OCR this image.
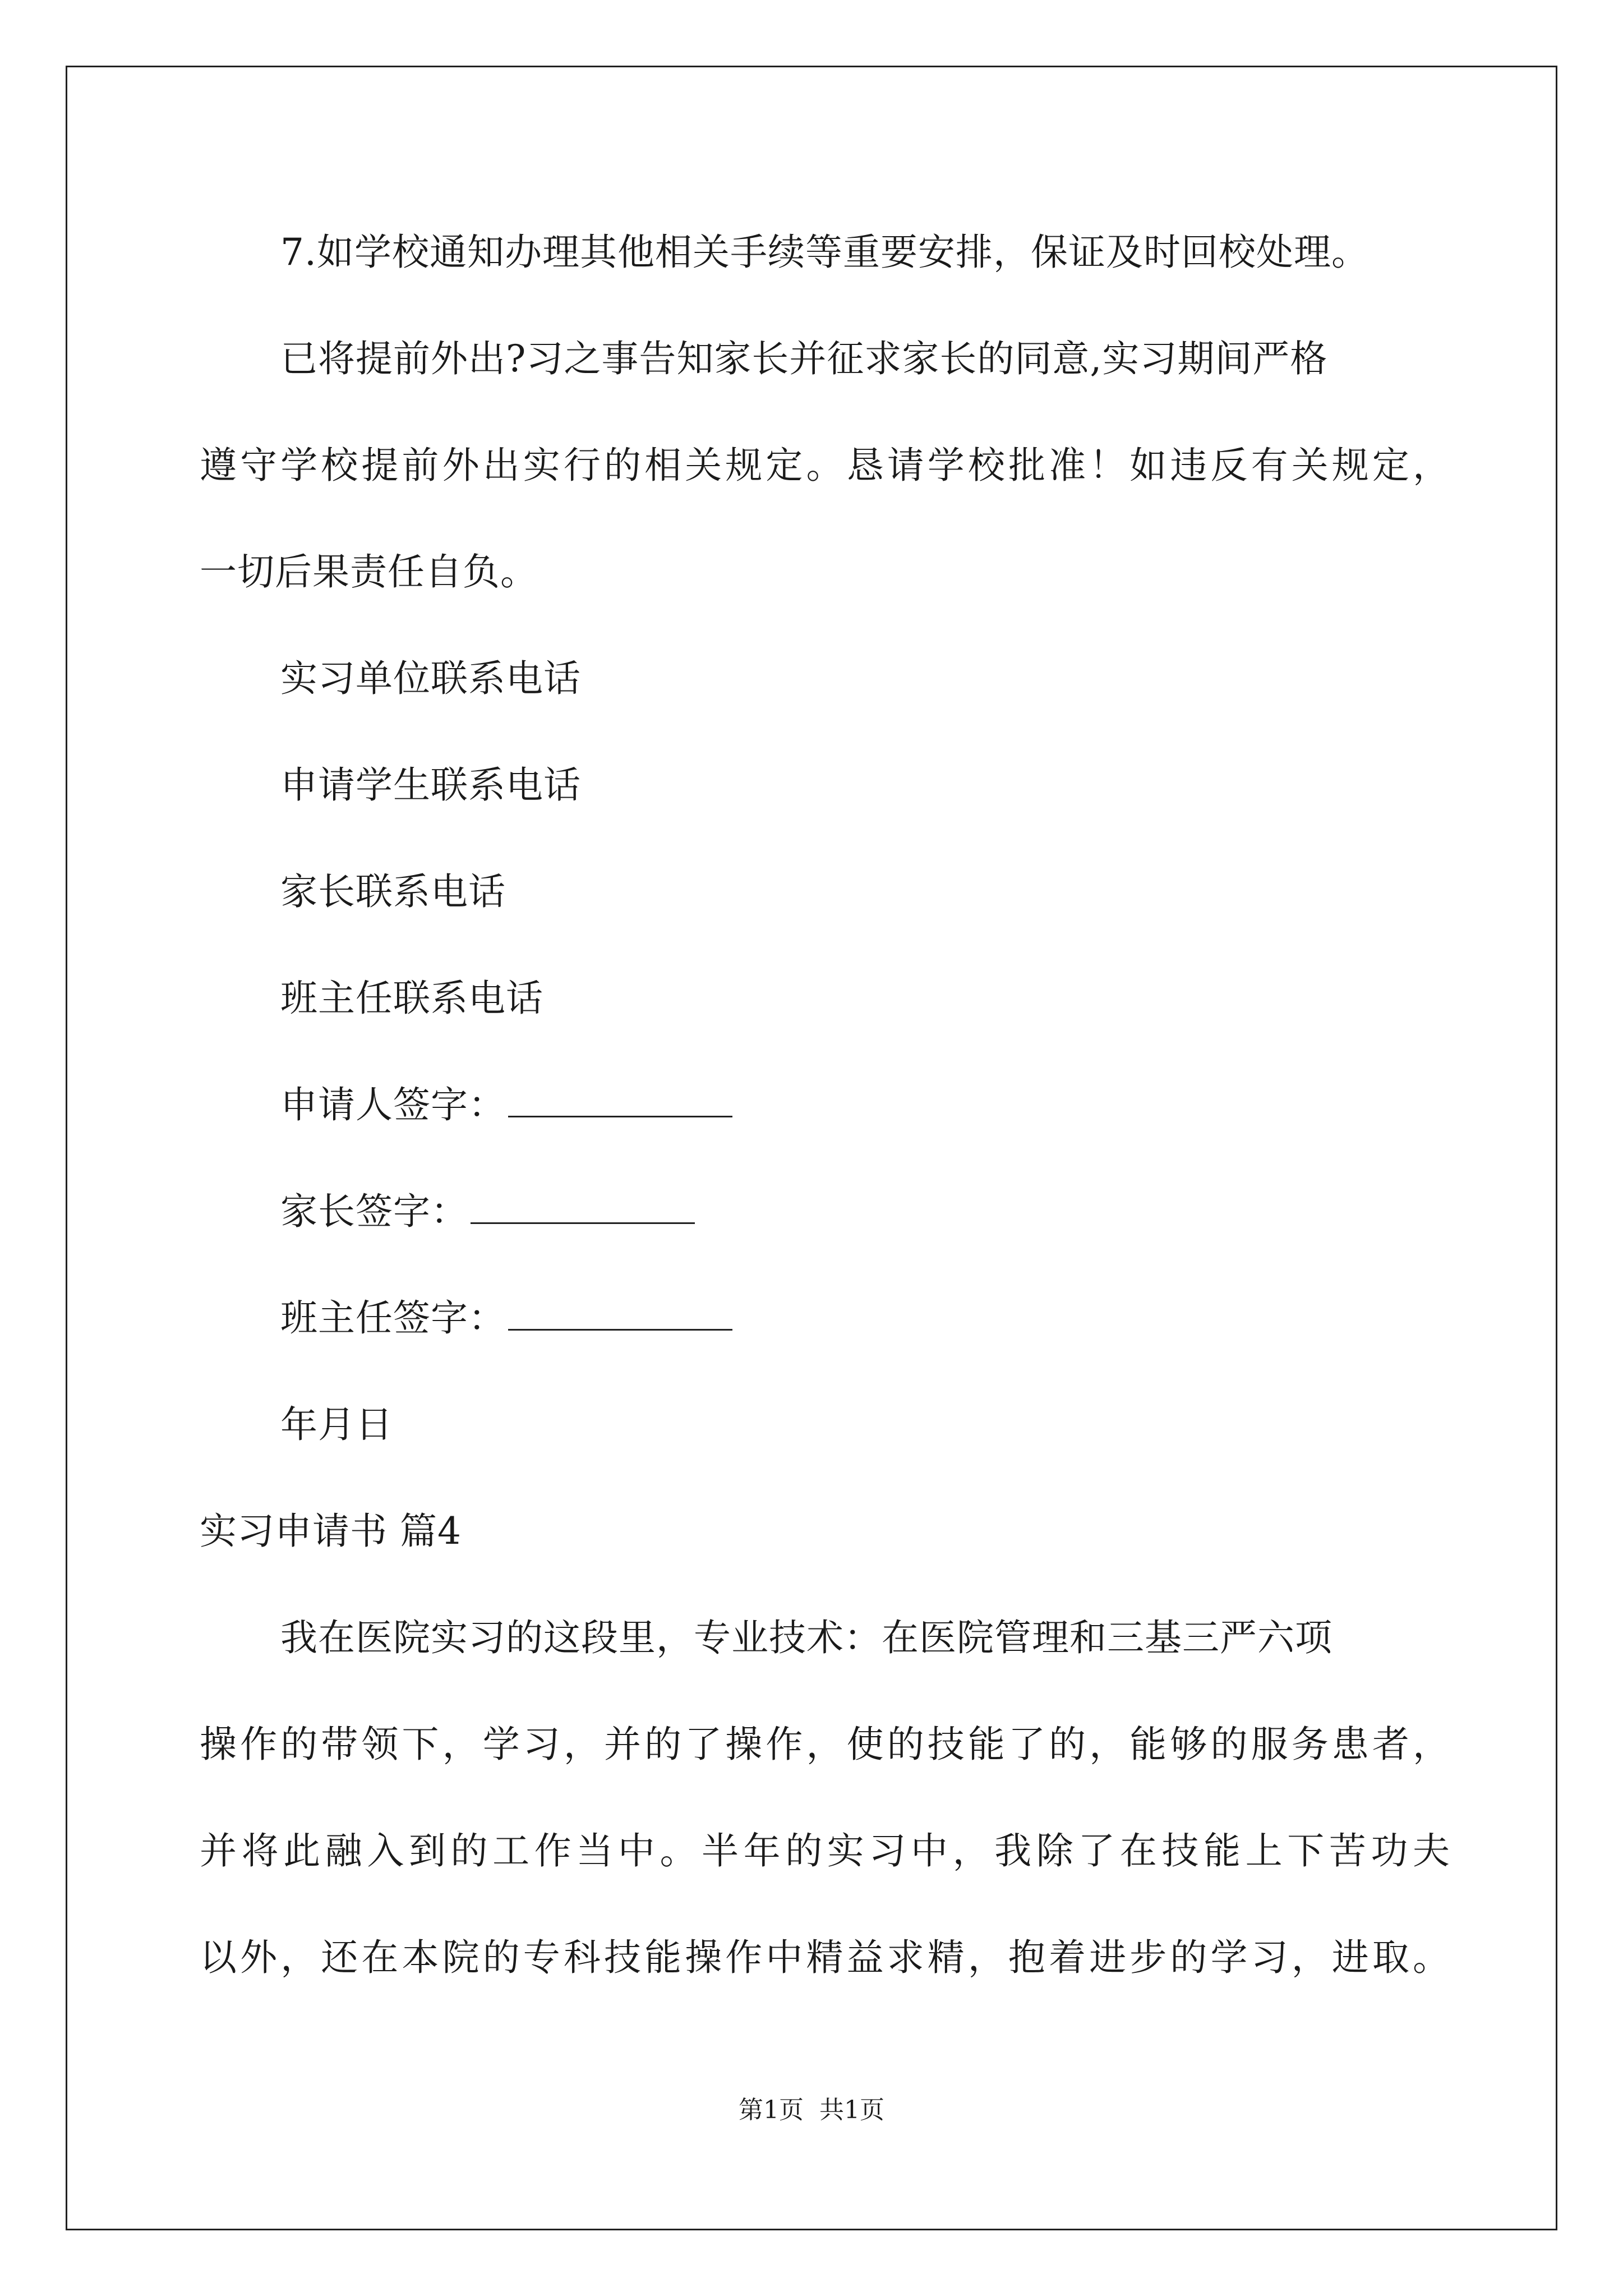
7.如学校通知办理其他相关手续等重要安排，保证及时回校处理。
已将提前外出?习之事告知家长并征求家长的同意,实习期间严格
遵守学校提前外出实行的相关规定。恳请学校批准！如违反有关规定，
一切后果责任自负。
实习单位联系电话
申请学生联系电话
家长联系电话
班主任联系电话
申请人签字：
家长签字：
班主任签字：
年月日
实习申请书 篇4
我在医院实习的这段里，专业技术：在医院管理和三基三严六项
操作的带领下，学习，并的了操作，使的技能了的，能够的服务患者，
并将此融入到的工作当中。半年的实习中，我除了在技能上下苦功夫
以外，还在本院的专科技能操作中精益求精，抱着进步的学习，进取。
第1页  共1页
